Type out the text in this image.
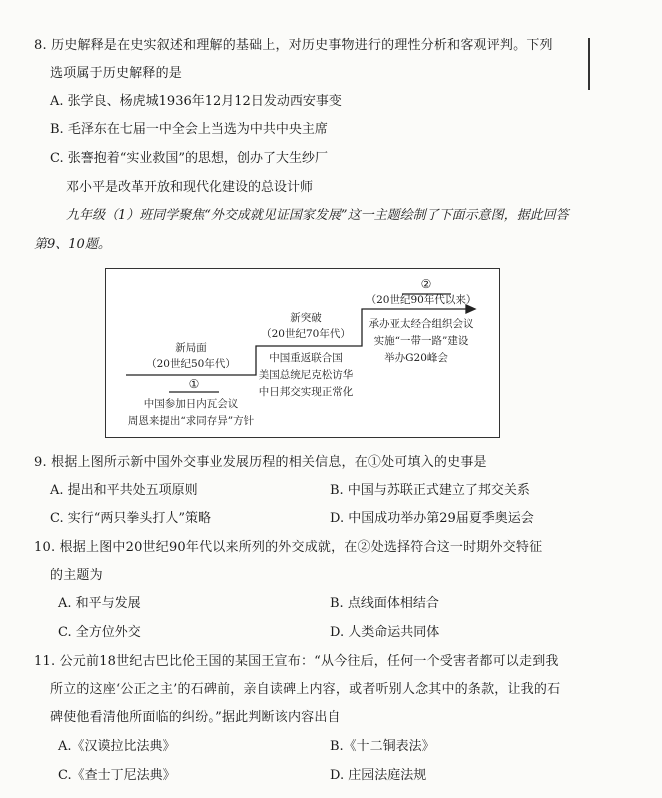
8. 历史解释是在史实叙述和理解的基础上，对历史事物进行的理性分析和客观评判。下列
选项属于历史解释的是
A. 张学良、杨虎城1936年12月12日发动西安事变
B. 毛泽东在七届一中全会上当选为中共中央主席
C. 张謇抱着“实业救国”的思想，创办了大生纱厂
邓小平是改革开放和现代化建设的总设计师
九年级（1）班同学聚焦“外交成就见证国家发展”这一主题绘制了下面示意图，据此回答
第9、10题。
新局面
（20世纪50年代）
①
中国参加日内瓦会议
周恩来提出“求同存异”方针
新突破
（20世纪70年代）
中国重返联合国
美国总统尼克松访华
中日邦交实现正常化
②
（20世纪90年代以来）
承办亚太经合组织会议
实施“一带一路”建设
举办G20峰会
9. 根据上图所示新中国外交事业发展历程的相关信息，在①处可填入的史事是
A. 提出和平共处五项原则	B. 中国与苏联正式建立了邦交关系
C. 实行“两只拳头打人”策略	D. 中国成功举办第29届夏季奥运会
10. 根据上图中20世纪90年代以来所列的外交成就，在②处选择符合这一时期外交特征
的主题为
A. 和平与发展	B. 点线面体相结合
C. 全方位外交	D. 人类命运共同体
11. 公元前18世纪古巴比伦王国的某国王宣布：“从今往后，任何一个受害者都可以走到我
所立的这座‘公正之主’的石碑前，亲自读碑上内容，或者听别人念其中的条款，让我的石
碑使他看清他所面临的纠纷。”据此判断该内容出自
A.《汉谟拉比法典》	B.《十二铜表法》
C.《查士丁尼法典》	D. 庄园法庭法规
